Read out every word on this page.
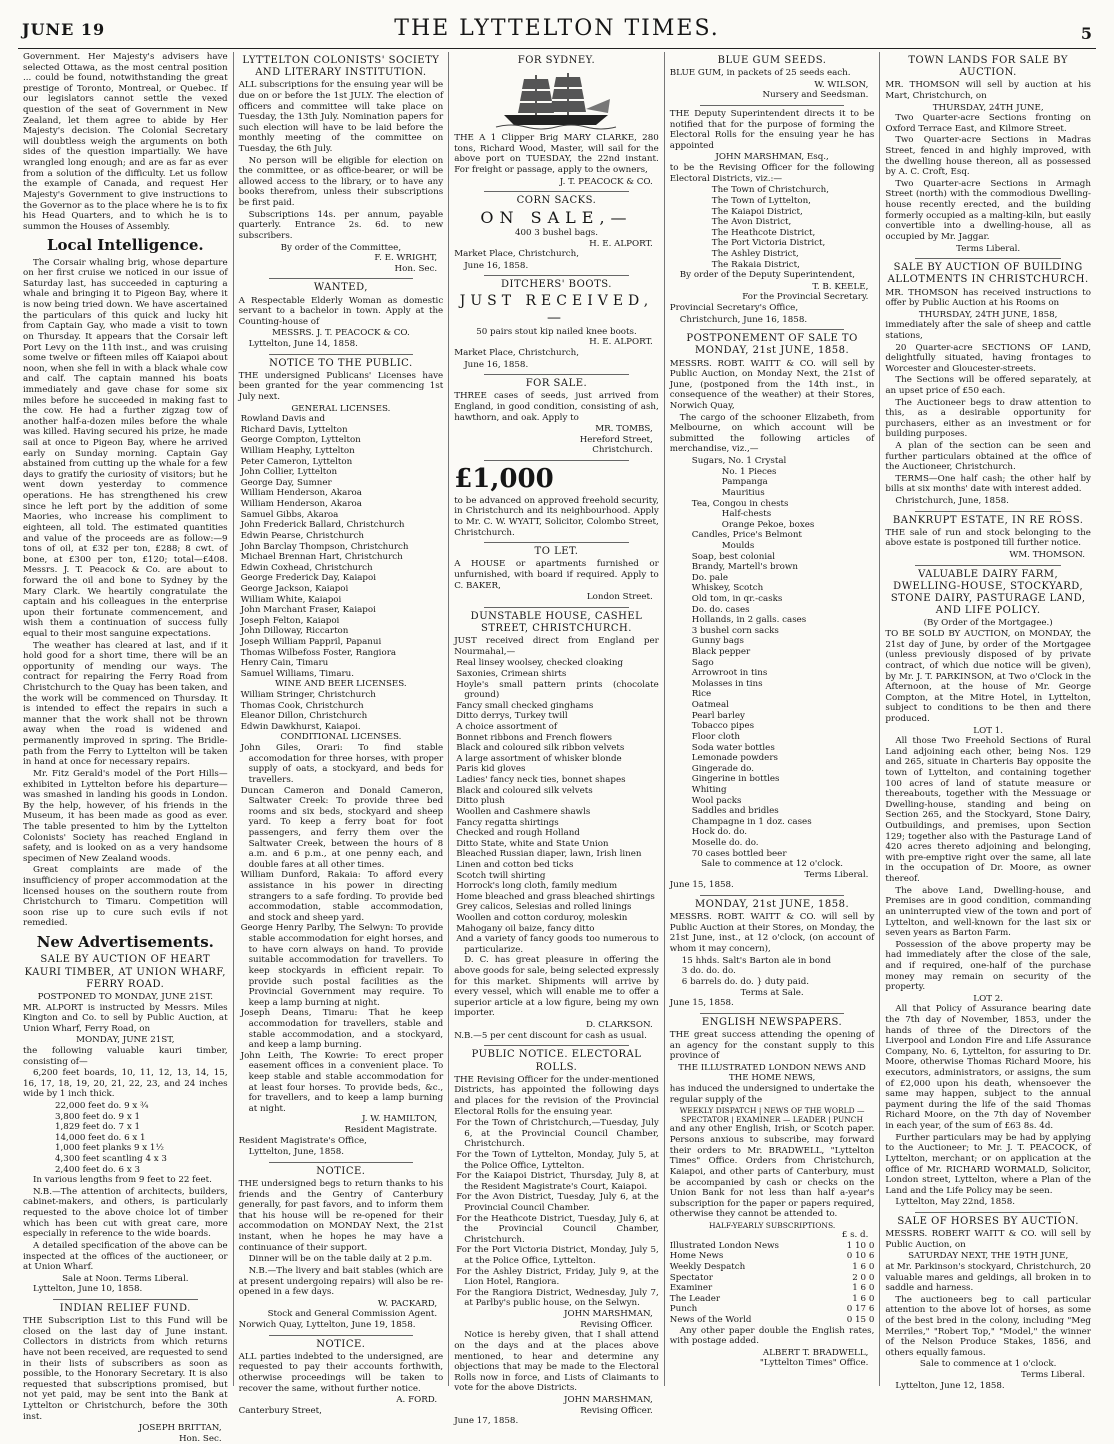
JUNE 19	THE LYTTELTON TIMES.	5
Government. Her Majesty's advisers have selected Ottawa, as the most central position ... could be found, notwithstanding the great prestige of Toronto, Montreal, or Quebec. If our legislators cannot settle the vexed question of the seat of Government in New Zealand, let them agree to abide by Her Majesty's decision. The Colonial Secretary will doubtless weigh the arguments on both sides of the question impartially. We have wrangled long enough; and are as far as ever from a solution of the difficulty. Let us follow the example of Canada, and request Her Majesty's Government to give instructions to the Governor as to the place where he is to fix his Head Quarters, and to which he is to summon the Houses of Assembly.
Local Intelligence.
The Corsair whaling brig, whose departure on her first cruise we noticed in our issue of Saturday last, has succeeded in capturing a whale and bringing it to Pigeon Bay, where it is now being tried down. We have ascertained the particulars of this quick and lucky hit from Captain Gay, who made a visit to town on Thursday. It appears that the Corsair left Port Levy on the 11th inst., and was cruising some twelve or fifteen miles off Kaiapoi about noon, when she fell in with a black whale cow and calf. The captain manned his boats immediately and gave chase for some six miles before he succeeded in making fast to the cow. He had a further zigzag tow of another half-a-dozen miles before the whale was killed. Having secured his prize, he made sail at once to Pigeon Bay, where he arrived early on Sunday morning. Captain Gay abstained from cutting up the whale for a few days to gratify the curiosity of visitors; but he went down yesterday to commence operations. He has strengthened his crew since he left port by the addition of some Maories, who increase his compliment to eighteen, all told. The estimated quantities and value of the proceeds are as follow:—9 tons of oil, at £32 per ton, £288; 8 cwt. of bone, at £300 per ton, £120; total—£408. Messrs. J. T. Peacock & Co. are about to forward the oil and bone to Sydney by the Mary Clark. We heartily congratulate the captain and his colleagues in the enterprise upon their fortunate commencement, and wish them a continuation of success fully equal to their most sanguine expectations.
The weather has cleared at last, and if it hold good for a short time, there will be an opportunity of mending our ways. The contract for repairing the Ferry Road from Christchurch to the Quay has been taken, and the work will be commenced on Thursday. It is intended to effect the repairs in such a manner that the work shall not be thrown away when the road is widened and permanently improved in spring. The Bridle-path from the Ferry to Lyttelton will be taken in hand at once for necessary repairs.
Mr. Fitz Gerald's model of the Port Hills—exhibited in Lyttelton before his departure—was smashed in landing his goods in London. By the help, however, of his friends in the Museum, it has been made as good as ever. The table presented to him by the Lyttelton Colonists' Society has reached England in safety, and is looked on as a very handsome specimen of New Zealand woods.
Great complaints are made of the insufficiency of proper accommodation at the licensed houses on the southern route from Christchurch to Timaru. Competition will soon rise up to cure such evils if not remedied.
New Advertisements.
SALE BY AUCTION OF HEART KAURI TIMBER, AT UNION WHARF, FERRY ROAD.
POSTPONED TO MONDAY, JUNE 21ST.
MR. ALPORT is instructed by Messrs. Miles Kington and Co. to sell by Public Auction, at Union Wharf, Ferry Road, on
MONDAY, JUNE 21ST,
the following valuable kauri timber, consisting of—
6,200 feet boards, 10, 11, 12, 13, 14, 15, 16, 17, 18, 19, 20, 21, 22, 23, and 24 inches wide by 1 inch thick.
22,000 feet do. 9 x ¾
3,800 feet do. 9 x 1
1,829 feet do. 7 x 1
14,000 feet do. 6 x 1
1,000 feet planks 9 x 1½
4,300 feet scantling 4 x 3
2,400 feet do. 6 x 3
In various lengths from 9 feet to 22 feet.
N.B.—The attention of architects, builders, cabinet-makers, and others, is particularly requested to the above choice lot of timber which has been cut with great care, more especially in reference to the wide boards.
A detailed specification of the above can be inspected at the offices of the auctioneer, or at Union Wharf.
Sale at Noon. Terms Liberal.
Lyttelton, June 10, 1858.
INDIAN RELIEF FUND.
THE Subscription List to this Fund will be closed on the last day of June instant. Collectors in districts from which returns have not been received, are requested to send in their lists of subscribers as soon as possible, to the Honorary Secretary. It is also requested that subscriptions promised, but not yet paid, may be sent into the Bank at Lyttelton or Christchurch, before the 30th inst.
JOSEPH BRITTAN,
Hon. Sec.
LYTTELTON COLONISTS' SOCIETY AND LITERARY INSTITUTION.
ALL subscriptions for the ensuing year will be due on or before the 1st JULY. The election of officers and committee will take place on Tuesday, the 13th July. Nomination papers for such election will have to be laid before the monthly meeting of the committee on Tuesday, the 6th July.
No person will be eligible for election on the committee, or as office-bearer, or will be allowed access to the library, or to have any books therefrom, unless their subscriptions be first paid.
Subscriptions 14s. per annum, payable quarterly. Entrance 2s. 6d. to new subscribers.
By order of the Committee,
F. E. WRIGHT,
Hon. Sec.
WANTED,
A Respectable Elderly Woman as domestic servant to a bachelor in town. Apply at the Counting-house of
MESSRS. J. T. PEACOCK & CO.
Lyttelton, June 14, 1858.
NOTICE TO THE PUBLIC.
THE undersigned Publicans' Licenses have been granted for the year commencing 1st July next.
GENERAL LICENSES.
Rowland Davis and
Richard Davis, Lyttelton
George Compton, Lyttelton
William Heaphy, Lyttelton
Peter Cameron, Lyttelton
John Collier, Lyttelton
George Day, Sumner
William Henderson, Akaroa
William Henderson, Akaroa
Samuel Gibbs, Akaroa
John Frederick Ballard, Christchurch
Edwin Pearse, Christchurch
John Barclay Thompson, Christchurch
Michael Brennan Hart, Christchurch
Edwin Coxhead, Christchurch
George Frederick Day, Kaiapoi
George Jackson, Kaiapoi
William White, Kaiapoi
John Marchant Fraser, Kaiapoi
Joseph Felton, Kaiapoi
John Dilloway, Riccarton
Joseph William Pappril, Papanui
Thomas Wilbefoss Foster, Rangiora
Henry Cain, Timaru
Samuel Williams, Timaru.
WINE AND BEER LICENSES.
William Stringer, Christchurch
Thomas Cook, Christchurch
Eleanor Dillon, Christchurch
Edwin Dawkhurst, Kaiapoi.
CONDITIONAL LICENSES.
John Giles, Orari: To find stable accomodation for three horses, with proper supply of oats, a stockyard, and beds for travellers.
Duncan Cameron and Donald Cameron, Saltwater Creek: To provide three bed rooms and six beds, stockyard and sheep yard. To keep a ferry boat for foot passengers, and ferry them over the Saltwater Creek, between the hours of 8 a.m. and 6 p.m., at one penny each, and double fares at all other times.
William Dunford, Rakaia: To afford every assistance in his power in directing strangers to a safe fording. To provide bed accommodation, stable accommodation, and stock and sheep yard.
George Henry Parlby, The Selwyn: To provide stable accommodation for eight horses, and to have corn always on hand. To provide suitable accommodation for travellers. To keep stockyards in efficient repair. To provide such postal facilities as the Provincial Government may require. To keep a lamp burning at night.
Joseph Deans, Timaru: That he keep accommodation for travellers, stable and stable accommodation, and a stockyard, and keep a lamp burning.
John Leith, The Kowrie: To erect proper easement offices in a convenient place. To keep stable and stable accommodation for at least four horses. To provide beds, &c., for travellers, and to keep a lamp burning at night.
J. W. HAMILTON,
Resident Magistrate.
Resident Magistrate's Office,
Lyttelton, June, 1858.
NOTICE.
THE undersigned begs to return thanks to his friends and the Gentry of Canterbury generally, for past favors, and to inform them that his house will be re-opened for their accommodation on MONDAY Next, the 21st instant, when he hopes he may have a continuance of their support.
Dinner will be on the table daily at 2 p.m.
N.B.—The livery and bait stables (which are at present undergoing repairs) will also be re-opened in a few days.
W. PACKARD,
Stock and General Commission Agent.
Norwich Quay, Lyttelton, June 19, 1858.
NOTICE.
ALL parties indebted to the undersigned, are requested to pay their accounts forthwith, otherwise proceedings will be taken to recover the same, without further notice.
A. FORD.
Canterbury Street,
FOR SYDNEY.
THE A 1 Clipper Brig MARY CLARKE, 280 tons, Richard Wood, Master, will sail for the above port on TUESDAY, the 22nd instant. For freight or passage, apply to the owners,
J. T. PEACOCK & CO.
CORN SACKS.
ON SALE,—
400 3 bushel bags.
H. E. ALPORT.
Market Place, Christchurch,
June 16, 1858.
DITCHERS' BOOTS.
JUST RECEIVED,—
50 pairs stout kip nailed knee boots.
H. E. ALPORT.
Market Place, Christchurch,
June 16, 1858.
FOR SALE.
THREE cases of seeds, just arrived from England, in good condition, consisting of ash, hawthorn, and oak. Apply to
MR. TOMBS,
Hereford Street,
Christchurch.
£1,000
to be advanced on approved freehold security, in Christchurch and its neighbourhood. Apply to Mr. C. W. WYATT, Solicitor, Colombo Street, Christchurch.
TO LET.
A HOUSE or apartments furnished or unfurnished, with board if required. Apply to C. BAKER,
London Street.
DUNSTABLE HOUSE, CASHEL STREET, CHRISTCHURCH.
JUST received direct from England per Nourmahal,—
Real linsey woolsey, checked cloaking
Saxonies, Crimean shirts
Hoyle's small pattern prints (chocolate ground)
Fancy small checked ginghams
Ditto derrys, Turkey twill
A choice assortment of
Bonnet ribbons and French flowers
Black and coloured silk ribbon velvets
A large assortment of whisker blonde
Paris kid gloves
Ladies' fancy neck ties, bonnet shapes
Black and coloured silk velvets
Ditto plush
Woollen and Cashmere shawls
Fancy regatta shirtings
Checked and rough Holland
Ditto State, white and State Union
Bleached Russian diaper, lawn, Irish linen
Linen and cotton bed ticks
Scotch twill shirting
Horrock's long cloth, family medium
Home bleached and grass bleached shirtings
Grey calicos, Selesias and rolled linings
Woollen and cotton corduroy, moleskin
Mahogany oil baize, fancy ditto
And a variety of fancy goods too numerous to particularize.
D. C. has great pleasure in offering the above goods for sale, being selected expressly for this market. Shipments will arrive by every vessel, which will enable me to offer a superior article at a low figure, being my own importer.
D. CLARKSON.
N.B.—5 per cent discount for cash as usual.
PUBLIC NOTICE. ELECTORAL ROLLS.
THE Revising Officer for the under-mentioned Districts, has appointed the following days and places for the revision of the Provincial Electoral Rolls for the ensuing year.
For the Town of Christchurch,—Tuesday, July 6, at the Provincial Council Chamber, Christchurch.
For the Town of Lyttelton, Monday, July 5, at the Police Office, Lyttelton.
For the Kaiapoi District, Thursday, July 8, at the Resident Magistrate's Court, Kaiapoi.
For the Avon District, Tuesday, July 6, at the Provincial Council Chamber.
For the Heathcote District, Tuesday, July 6, at the Provincial Council Chamber, Christchurch.
For the Port Victoria District, Monday, July 5, at the Police Office, Lyttelton.
For the Ashley District, Friday, July 9, at the Lion Hotel, Rangiora.
For the Rangiora District, Wednesday, July 7, at Parlby's public house, on the Selwyn.
JOHN MARSHMAN,
Revising Officer.
Notice is hereby given, that I shall attend on the days and at the places above mentioned, to hear and determine any objections that may be made to the Electoral Rolls now in force, and Lists of Claimants to vote for the above Districts.
JOHN MARSHMAN,
Revising Officer.
June 17, 1858.
BLUE GUM SEEDS.
BLUE GUM, in packets of 25 seeds each.
W. WILSON,
Nursery and Seedsman.
THE Deputy Superintendent directs it to be notified that for the purpose of forming the Electoral Rolls for the ensuing year he has appointed
JOHN MARSHMAN, Esq.,
to be the Revising Officer for the following Electoral Districts, viz.:—
The Town of Christchurch,
The Town of Lyttelton,
The Kaiapoi District,
The Avon District,
The Heathcote District,
The Port Victoria District,
The Ashley District,
The Rakaia District,
By order of the Deputy Superintendent,
T. B. KEELE,
For the Provincial Secretary.
Provincial Secretary's Office,
Christchurch, June 16, 1858.
POSTPONEMENT OF SALE TO MONDAY, 21st JUNE, 1858.
MESSRS. ROBT. WAITT & CO. will sell by Public Auction, on Monday Next, the 21st of June, (postponed from the 14th inst., in consequence of the weather) at their Stores, Norwich Quay,
The cargo of the schooner Elizabeth, from Melbourne, on which account will be submitted the following articles of merchandise, viz.,—
Sugars, No. 1 Crystal
No. 1 Pieces
Pampanga
Mauritius
Tea, Congou in chests
Half-chests
Orange Pekoe, boxes
Candles, Price's Belmont
Moulds
Soap, best colonial
Brandy, Martell's brown
Do. pale
Whiskey, Scotch
Old tom, in qr.-casks
Do. do. cases
Hollands, in 2 galls. cases
3 bushel corn sacks
Gunny bags
Black pepper
Sago
Arrowroot in tins
Molasses in tins
Rice
Oatmeal
Pearl barley
Tobacco pipes
Floor cloth
Soda water bottles
Lemonade powders
Gingerade do.
Gingerine in bottles
Whiting
Wool packs
Saddles and bridles
Champagne in 1 doz. cases
Hock do. do.
Moselle do. do.
70 cases bottled beer
Sale to commence at 12 o'clock.
Terms Liberal.
June 15, 1858.
MONDAY, 21st JUNE, 1858.
MESSRS. ROBT. WAITT & CO. will sell by Public Auction at their Stores, on Monday, the 21st June, inst., at 12 o'clock, (on account of whom it may concern),
15 hhds. Salt's Barton ale in bond
3 do. do. do.
6 barrels do. do. } duty paid.
Terms at Sale.
June 15, 1858.
ENGLISH NEWSPAPERS.
THE great success attending the opening of an agency for the constant supply to this province of
THE ILLUSTRATED LONDON NEWS AND THE HOME NEWS,
has induced the undersigned to undertake the regular supply of the
WEEKLY DISPATCH | NEWS OF THE WORLD — SPECTATOR | EXAMINER — LEADER | PUNCH
and any other English, Irish, or Scotch paper. Persons anxious to subscribe, may forward their orders to Mr. BRADWELL, "Lyttelton Times" Office. Orders from Christchurch, Kaiapoi, and other parts of Canterbury, must be accompanied by cash or checks on the Union Bank for not less than half a-year's subscription for the paper or papers required, otherwise they cannot be attended to.
HALF-YEARLY SUBSCRIPTIONS.
£ s. d.
Illustrated London News	1 10 0
Home News	0 10 6
Weekly Despatch	1 6 0
Spectator	2 0 0
Examiner	1 6 0
The Leader	1 6 0
Punch	0 17 6
News of the World	0 15 0
Any other paper double the English rates, with postage added.
ALBERT T. BRADWELL,
"Lyttelton Times" Office.
TOWN LANDS FOR SALE BY AUCTION.
MR. THOMSON will sell by auction at his Mart, Christchurch, on
THURSDAY, 24TH JUNE,
Two Quarter-acre Sections fronting on Oxford Terrace East, and Kilmore Street.
Two Quarter-acre Sections in Madras Street, fenced in and highly improved, with the dwelling house thereon, all as possessed by A. C. Croft, Esq.
Two Quarter-acre Sections in Armagh Street (north) with the commodious Dwelling-house recently erected, and the building formerly occupied as a malting-kiln, but easily convertible into a dwelling-house, all as occupied by Mr. Jaggar.
Terms Liberal.
SALE BY AUCTION OF BUILDING ALLOTMENTS IN CHRISTCHURCH.
MR. THOMSON has received instructions to offer by Public Auction at his Rooms on
THURSDAY, 24TH JUNE, 1858,
immediately after the sale of sheep and cattle stations,
20 Quarter-acre SECTIONS OF LAND, delightfully situated, having frontages to Worcester and Gloucester-streets.
The Sections will be offered separately, at an upset price of £50 each.
The Auctioneer begs to draw attention to this, as a desirable opportunity for purchasers, either as an investment or for building purposes.
A plan of the section can be seen and further particulars obtained at the office of the Auctioneer, Christchurch.
TERMS—One half cash; the other half by bills at six months' date with interest added.
Christchurch, June, 1858.
BANKRUPT ESTATE, IN RE ROSS.
THE sale of run and stock belonging to the above estate is postponed till further notice.
WM. THOMSON.
VALUABLE DAIRY FARM, DWELLING-HOUSE, STOCKYARD, STONE DAIRY, PASTURAGE LAND, AND LIFE POLICY.
(By Order of the Mortgagee.)
TO BE SOLD BY AUCTION, on MONDAY, the 21st day of June, by order of the Mortgagee (unless previously disposed of by private contract, of which due notice will be given), by Mr. J. T. PARKINSON, at Two o'Clock in the Afternoon, at the house of Mr. George Compton, at the Mitre Hotel, in Lyttelton, subject to conditions to be then and there produced.
LOT 1.
All those Two Freehold Sections of Rural Land adjoining each other, being Nos. 129 and 265, situate in Charteris Bay opposite the town of Lyttelton, and containing together 100 acres of land of statute measure or thereabouts, together with the Messuage or Dwelling-house, standing and being on Section 265, and the Stockyard, Stone Dairy, Outbuildings, and premises, upon Section 129; together also with the Pasturage Land of 420 acres thereto adjoining and belonging, with pre-emptive right over the same, all late in the occupation of Dr. Moore, as owner thereof.
The above Land, Dwelling-house, and Premises are in good condition, commanding an uninterrupted view of the town and port of Lyttelton, and well-known for the last six or seven years as Barton Farm.
Possession of the above property may be had immediately after the close of the sale, and if required, one-half of the purchase money may remain on security of the property.
LOT 2.
All that Policy of Assurance bearing date the 7th day of November, 1853, under the hands of three of the Directors of the Liverpool and London Fire and Life Assurance Company, No. 6, Lyttelton, for assuring to Dr. Moore, otherwise Thomas Richard Moore, his executors, administrators, or assigns, the sum of £2,000 upon his death, whensoever the same may happen, subject to the annual payment during the life of the said Thomas Richard Moore, on the 7th day of November in each year, of the sum of £63 8s. 4d.
Further particulars may be had by applying to the Auctioneer; to Mr. J. T. PEACOCK, of Lyttelton, merchant; or on application at the office of Mr. RICHARD WORMALD, Solicitor, London street, Lyttelton, where a Plan of the Land and the Life Policy may be seen.
Lyttelton, May 22nd, 1858.
SALE OF HORSES BY AUCTION.
MESSRS. ROBERT WAITT & CO. will sell by Public Auction, on
SATURDAY NEXT, THE 19TH JUNE,
at Mr. Parkinson's stockyard, Christchurch, 20 valuable mares and geldings, all broken in to saddle and harness.
The auctioneers beg to call particular attention to the above lot of horses, as some of the best bred in the colony, including "Meg Merriles," "Robert Top," "Model," the winner of the Nelson Produce Stakes, 1856, and others equally famous.
Sale to commence at 1 o'clock.
Terms Liberal.
Lyttelton, June 12, 1858.
